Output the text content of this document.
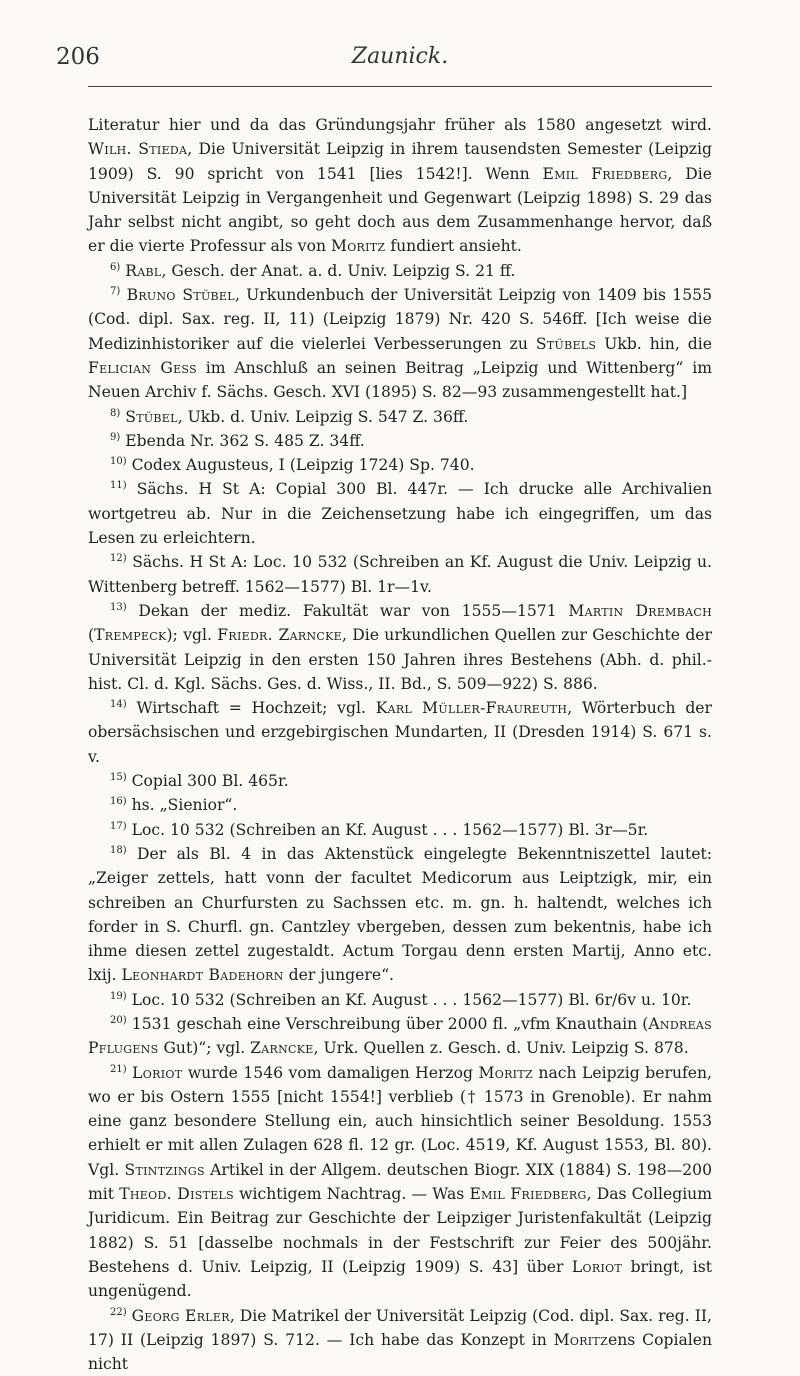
206	Zaunick.

Literatur hier und da das Gründungsjahr früher als 1580 angesetzt wird. Wilh. Stieda, Die Universität Leipzig in ihrem tausendsten Semester (Leipzig 1909) S. 90 spricht von 1541 [lies 1542!]. Wenn Emil Friedberg, Die Universität Leipzig in Vergangenheit und Gegenwart (Leipzig 1898) S. 29 das Jahr selbst nicht angibt, so geht doch aus dem Zusammenhange hervor, daß er die vierte Professur als von Moritz fundiert ansieht.

$^{6)}$ Rabl, Gesch. der Anat. a. d. Univ. Leipzig S. 21 ff.

$^{7)}$ Bruno Stübel, Urkundenbuch der Universität Leipzig von 1409 bis 1555 (Cod. dipl. Sax. reg. II, 11) (Leipzig 1879) Nr. 420 S. 546ff. [Ich weise die Medizinhistoriker auf die vielerlei Verbesserungen zu Stübels Ukb. hin, die Felician Gess im Anschluß an seinen Beitrag „Leipzig und Wittenberg“ im Neuen Archiv f. Sächs. Gesch. XVI (1895) S. 82—93 zusammengestellt hat.]

$^{8)}$ Stübel, Ukb. d. Univ. Leipzig S. 547 Z. 36ff.

$^{9)}$ Ebenda Nr. 362 S. 485 Z. 34ff.

$^{10)}$ Codex Augusteus, I (Leipzig 1724) Sp. 740.

$^{11)}$ Sächs. H St A: Copial 300 Bl. 447r. — Ich drucke alle Archivalien wortgetreu ab. Nur in die Zeichensetzung habe ich eingegriffen, um das Lesen zu erleichtern.

$^{12)}$ Sächs. H St A: Loc. 10 532 (Schreiben an Kf. August die Univ. Leipzig u. Wittenberg betreff. 1562—1577) Bl. 1r—1v.

$^{13)}$ Dekan der mediz. Fakultät war von 1555—1571 Martin Drembach (Trempeck); vgl. Friedr. Zarncke, Die urkundlichen Quellen zur Geschichte der Universität Leipzig in den ersten 150 Jahren ihres Bestehens (Abh. d. phil.-hist. Cl. d. Kgl. Sächs. Ges. d. Wiss., II. Bd., S. 509—922) S. 886.

$^{14)}$ Wirtschaft = Hochzeit; vgl. Karl Müller-Fraureuth, Wörterbuch der obersächsischen und erzgebirgischen Mundarten, II (Dresden 1914) S. 671 s. v.

$^{15)}$ Copial 300 Bl. 465r.

$^{16)}$ hs. „Sienior“.

$^{17)}$ Loc. 10 532 (Schreiben an Kf. August . . . 1562—1577) Bl. 3r—5r.

$^{18)}$ Der als Bl. 4 in das Aktenstück eingelegte Bekenntniszettel lautet: „Zeiger zettels, hatt vonn der facultet Medicorum aus Leiptzigk, mir, ein schreiben an Churfursten zu Sachssen etc. m. gn. h. haltendt, welches ich forder in S. Churfl. gn. Cantzley vbergeben, dessen zum bekentnis, habe ich ihme diesen zettel zugestaldt. Actum Torgau denn ersten Martij, Anno etc. lxij. Leonhardt Badehorn der jungere“.

$^{19)}$ Loc. 10 532 (Schreiben an Kf. August . . . 1562—1577) Bl. 6r/6v u. 10r.

$^{20)}$ 1531 geschah eine Verschreibung über 2000 fl. „vfm Knauthain (Andreas Pflugens Gut)“; vgl. Zarncke, Urk. Quellen z. Gesch. d. Univ. Leipzig S. 878.

$^{21)}$ Loriot wurde 1546 vom damaligen Herzog Moritz nach Leipzig berufen, wo er bis Ostern 1555 [nicht 1554!] verblieb († 1573 in Grenoble). Er nahm eine ganz besondere Stellung ein, auch hinsichtlich seiner Besoldung. 1553 erhielt er mit allen Zulagen 628 fl. 12 gr. (Loc. 4519, Kf. August 1553, Bl. 80). Vgl. Stintzings Artikel in der Allgem. deutschen Biogr. XIX (1884) S. 198—200 mit Theod. Distels wichtigem Nachtrag. — Was Emil Friedberg, Das Collegium Juridicum. Ein Beitrag zur Geschichte der Leipziger Juristenfakultät (Leipzig 1882) S. 51 [dasselbe nochmals in der Festschrift zur Feier des 500jähr. Bestehens d. Univ. Leipzig, II (Leipzig 1909) S. 43] über Loriot bringt, ist ungenügend.

$^{22)}$ Georg Erler, Die Matrikel der Universität Leipzig (Cod. dipl. Sax. reg. II, 17) II (Leipzig 1897) S. 712. — Ich habe das Konzept in Moritzens Copialen nicht
